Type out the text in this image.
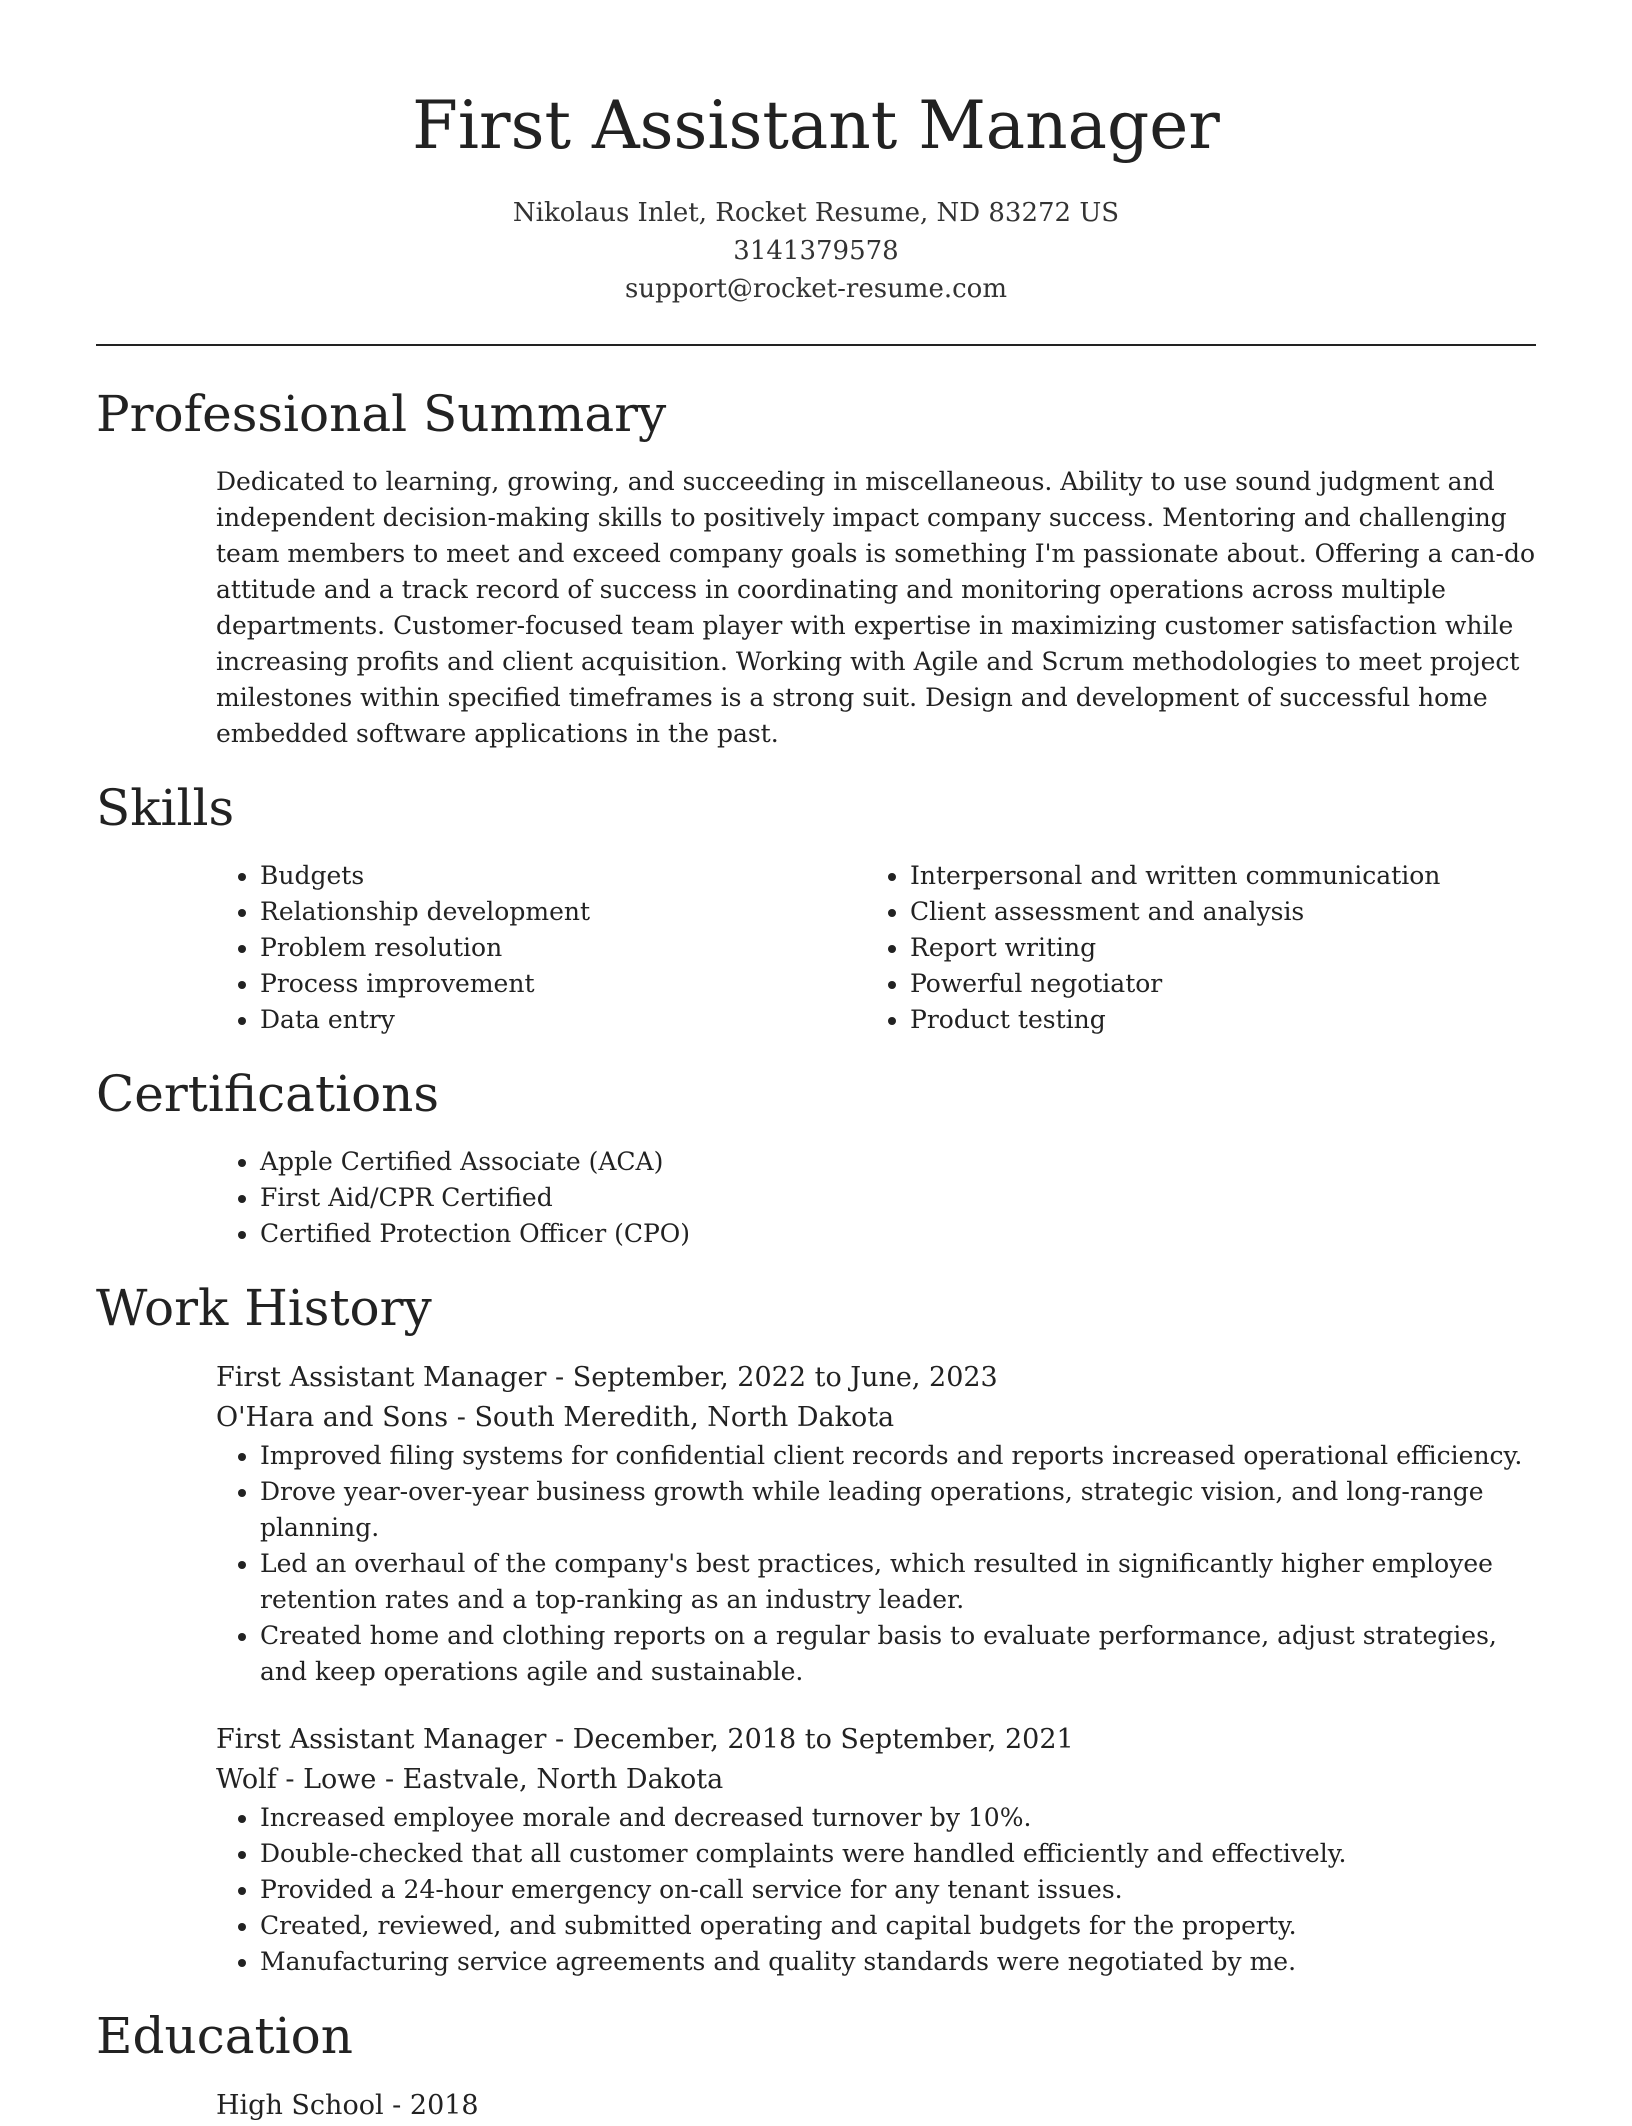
First Assistant Manager
Nikolaus Inlet, Rocket Resume, ND 83272 US
3141379578
support@rocket-resume.com
Professional Summary

Dedicated to learning, growing, and succeeding in miscellaneous. Ability to use sound judgment and independent decision-making skills to positively impact company success. Mentoring and challenging team members to meet and exceed company goals is something I'm passionate about. Offering a can-do attitude and a track record of success in coordinating and monitoring operations across multiple departments. Customer-focused team player with expertise in maximizing customer satisfaction while increasing profits and client acquisition. Working with Agile and Scrum methodologies to meet project milestones within specified timeframes is a strong suit. Design and development of successful home embedded software applications in the past.

Skills
• Budgets
• Relationship development
• Problem resolution
• Process improvement
• Data entry
• Interpersonal and written communication
• Client assessment and analysis
• Report writing
• Powerful negotiator
• Product testing
Certifications
• Apple Certified Associate (ACA)
• First Aid/CPR Certified
• Certified Protection Officer (CPO)
Work History
First Assistant Manager - September, 2022 to June, 2023
O'Hara and Sons - South Meredith, North Dakota
• Improved filing systems for confidential client records and reports increased operational efficiency.
• Drove year-over-year business growth while leading operations, strategic vision, and long-range planning.
• Led an overhaul of the company's best practices, which resulted in significantly higher employee retention rates and a top-ranking as an industry leader.
• Created home and clothing reports on a regular basis to evaluate performance, adjust strategies, and keep operations agile and sustainable.
First Assistant Manager - December, 2018 to September, 2021
Wolf - Lowe - Eastvale, North Dakota
• Increased employee morale and decreased turnover by 10%.
• Double-checked that all customer complaints were handled efficiently and effectively.
• Provided a 24-hour emergency on-call service for any tenant issues.
• Created, reviewed, and submitted operating and capital budgets for the property.
• Manufacturing service agreements and quality standards were negotiated by me.
Education
High School - 2018
